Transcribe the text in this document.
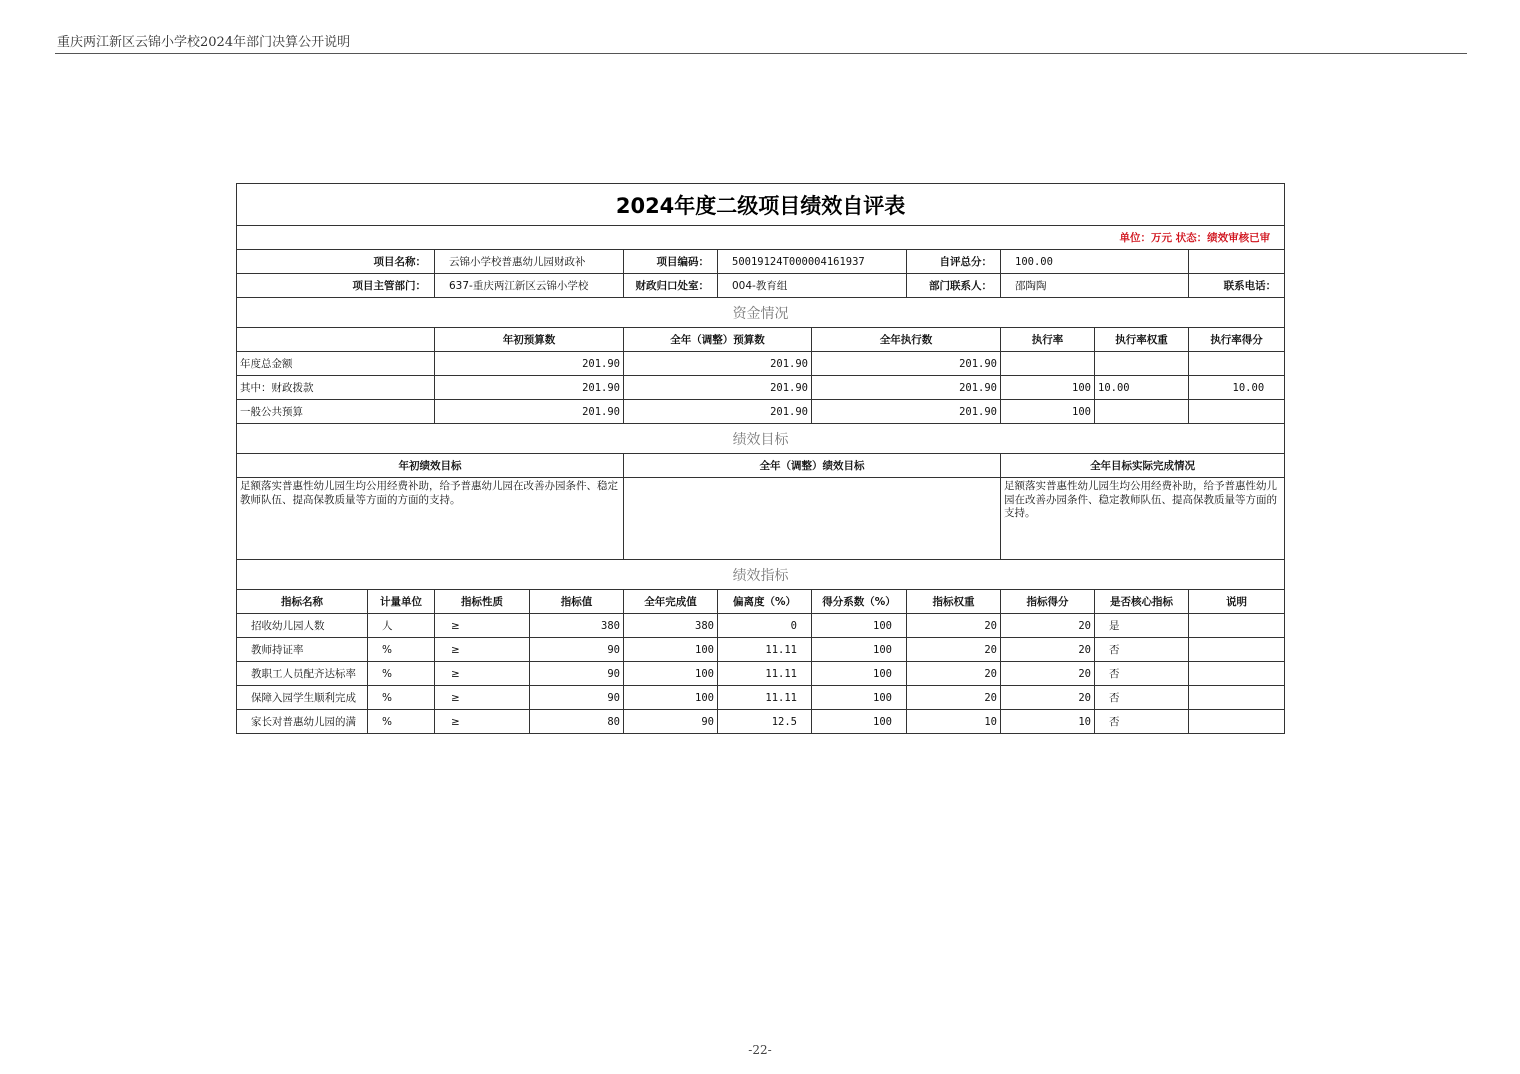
重庆两江新区云锦小学校2024年部门决算公开说明
2024年度二级项目绩效自评表											
单位：万元 状态：绩效审核已审											
项目名称：		云锦小学校普惠幼儿园财政补		项目编码：	50019124T000004161937		自评总分：	100.00			
项目主管部门：		637-重庆两江新区云锦小学校		财政归口处室：	004-教育组		部门联系人：	邵陶陶		联系电话：	
资金情况											
		年初预算数		全年（调整）预算数		全年执行数		执行率	执行率权重	执行率得分	
年度总金额		201.90		201.90		201.90					
其中：财政拨款		201.90		201.90		201.90		100	10.00	10.00	
一般公共预算		201.90		201.90		201.90		100			
绩效目标											
年初绩效目标				全年（调整）绩效目标				全年目标实际完成情况			
足额落实普惠性幼儿园生均公用经费补助，给予普惠幼儿园在改善办园条件、稳定教师队伍、提高保教质量等方面的方面的支持。								足额落实普惠性幼儿园生均公用经费补助，给予普惠性幼儿园在改善办园条件、稳定教师队伍、提高保教质量等方面的支持。			
绩效指标											
指标名称	计量单位	指标性质	指标值	全年完成值	偏离度（%）	得分系数（%）	指标权重	指标得分	是否核心指标	说明	
招收幼儿园人数	人	≥	380	380	0	100	20	20	是		
教师持证率	%	≥	90	100	11.11	100	20	20	否		
教职工人员配齐达标率	%	≥	90	100	11.11	100	20	20	否		
保障入园学生顺利完成	%	≥	90	100	11.11	100	20	20	否		
家长对普惠幼儿园的满	%	≥	80	90	12.5	100	10	10	否		
-22-
